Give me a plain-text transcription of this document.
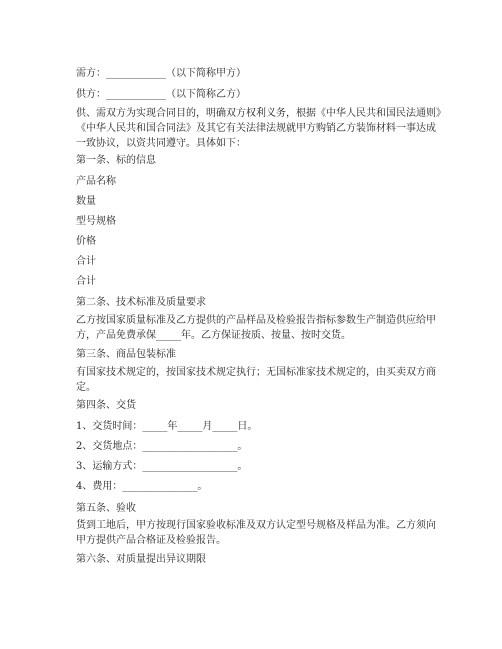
需方：____________（以下简称甲方）
供方：____________（以下简称乙方）
供、需双方为实现合同目的，明确双方权利义务，根据《中华人民共和国民法通则》
《中华人民共和国合同法》及其它有关法律法规就甲方购销乙方装饰材料一事达成
一致协议，以资共同遵守。具体如下：
第一条、标的信息
产品名称
数量
型号规格
价格
合计
合计
第二条、技术标准及质量要求
乙方按国家质量标准及乙方提供的产品样品及检验报告指标参数生产制造供应给甲
方，产品免费承保_____年。乙方保证按质、按量、按时交货。
第三条、商品包装标准
有国家技术规定的，按国家技术规定执行；无国标准家技术规定的，由买卖双方商
定。
第四条、交货
1、交货时间：_____年_____月_____日。
2、交货地点：___________________。
3、运输方式：___________________。
4、费用：_______________。
第五条、验收
货到工地后，甲方按现行国家验收标准及双方认定型号规格及样品为准。乙方须向
甲方提供产品合格证及检验报告。
第六条、对质量提出异议期限
